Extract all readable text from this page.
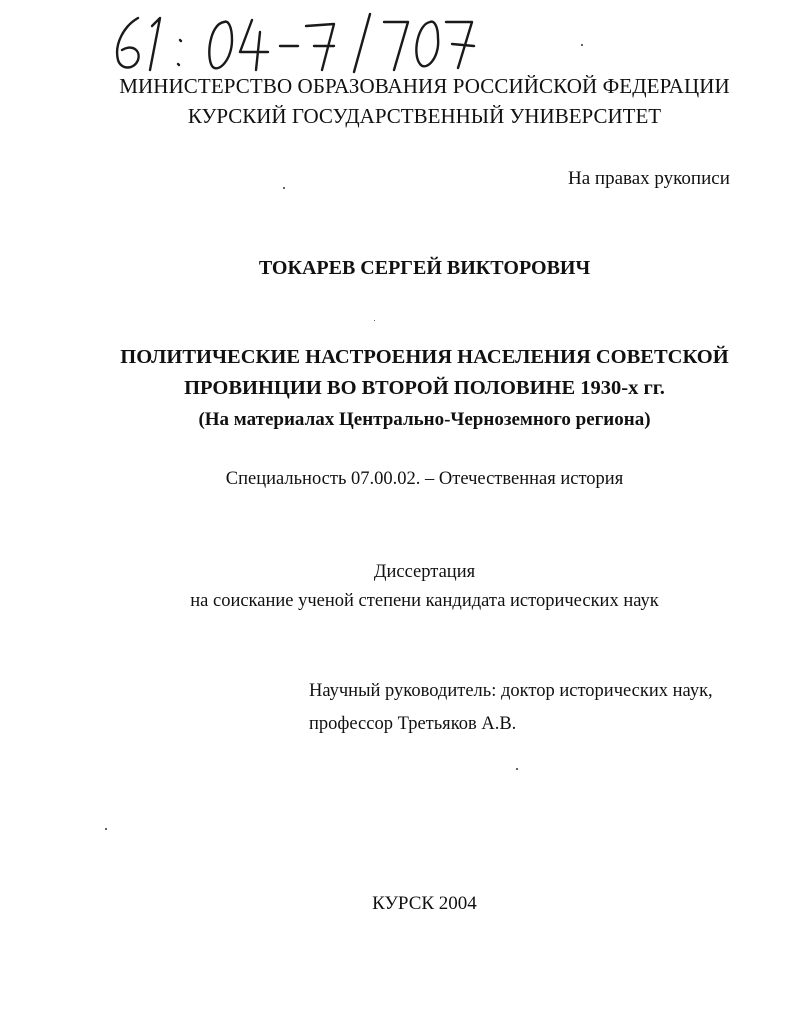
МИНИСТЕРСТВО ОБРАЗОВАНИЯ РОССИЙСКОЙ ФЕДЕРАЦИИ
КУРСКИЙ ГОСУДАРСТВЕННЫЙ УНИВЕРСИТЕТ
На правах рукописи
ТОКАРЕВ СЕРГЕЙ ВИКТОРОВИЧ
ПОЛИТИЧЕСКИЕ НАСТРОЕНИЯ НАСЕЛЕНИЯ СОВЕТСКОЙ
ПРОВИНЦИИ ВО ВТОРОЙ ПОЛОВИНЕ 1930-х гг.
(На материалах Центрально-Черноземного региона)
Специальность 07.00.02. – Отечественная история
Диссертация
на соискание ученой степени кандидата исторических наук
Научный руководитель: доктор исторических наук,
профессор Третьяков А.В.
КУРСК 2004
